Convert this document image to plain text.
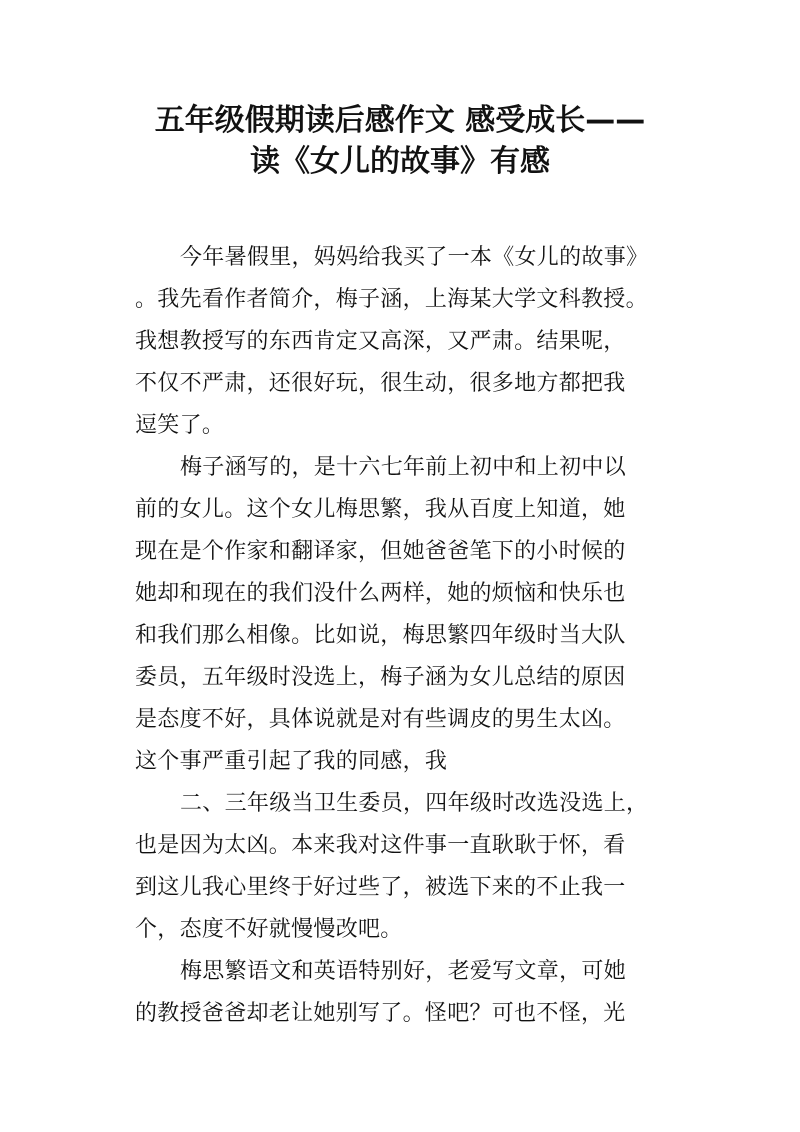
五年级假期读后感作文 感受成长——
读《女儿的故事》有感
今年暑假里，妈妈给我买了一本《女儿的故事》
。我先看作者简介，梅子涵，上海某大学文科教授。
我想教授写的东西肯定又高深，又严肃。结果呢，
不仅不严肃，还很好玩，很生动，很多地方都把我
逗笑了。
梅子涵写的，是十六七年前上初中和上初中以
前的女儿。这个女儿梅思繁，我从百度上知道，她
现在是个作家和翻译家，但她爸爸笔下的小时候的
她却和现在的我们没什么两样，她的烦恼和快乐也
和我们那么相像。比如说，梅思繁四年级时当大队
委员，五年级时没选上，梅子涵为女儿总结的原因
是态度不好，具体说就是对有些调皮的男生太凶。
这个事严重引起了我的同感，我
二、三年级当卫生委员，四年级时改选没选上，
也是因为太凶。本来我对这件事一直耿耿于怀，看
到这儿我心里终于好过些了，被选下来的不止我一
个，态度不好就慢慢改吧。
梅思繁语文和英语特别好，老爱写文章，可她
的教授爸爸却老让她别写了。怪吧？可也不怪，光
